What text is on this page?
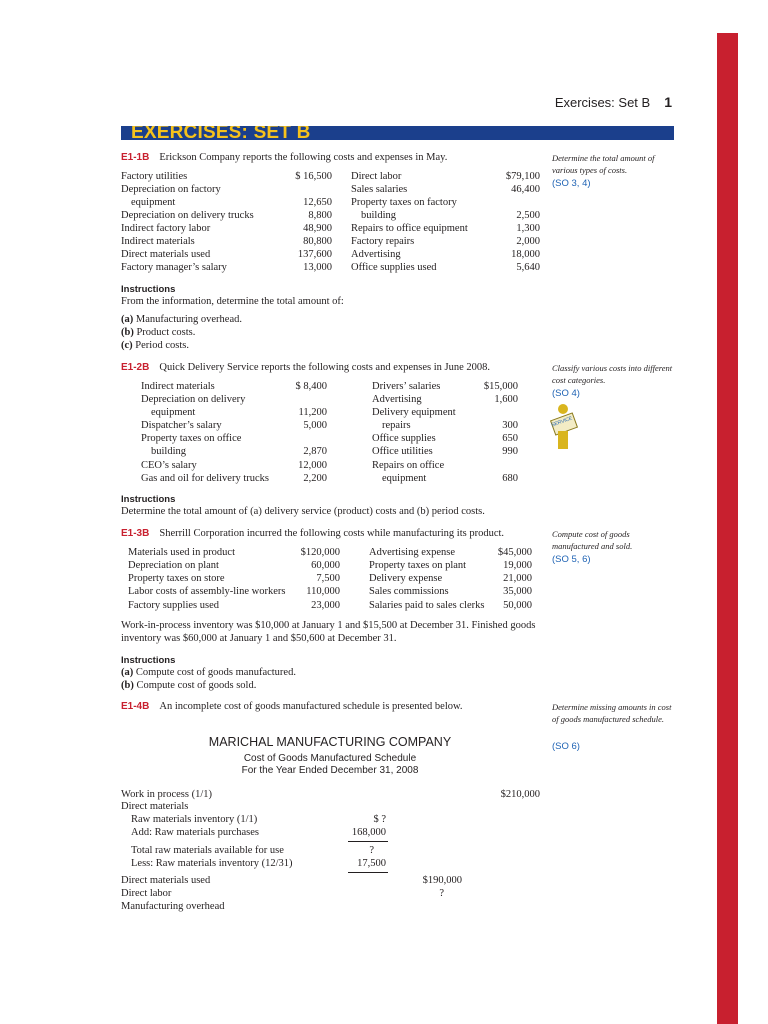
Exercises: Set B 1
EXERCISES: SET B
E1-1B Erickson Company reports the following costs and expenses in May.	Determine the total amount of various types of costs.
(SO 3, 4)
Factory utilities	$ 16,500
Depreciation on factory
equipment	12,650
Depreciation on delivery trucks	8,800
Indirect factory labor	48,900
Indirect materials	80,800
Direct materials used	137,600
Factory manager’s salary	13,000
Direct labor	$79,100
Sales salaries	46,400
Property taxes on factory
building	2,500
Repairs to office equipment	1,300
Factory repairs	2,000
Advertising	18,000
Office supplies used	5,640
Instructions
From the information, determine the total amount of:
(a) Manufacturing overhead.
(b) Product costs.
(c) Period costs.
E1-2B Quick Delivery Service reports the following costs and expenses in June 2008.	Classify various costs into different cost categories.
(SO 4)
SERVICE
Indirect materials	$ 8,400
Depreciation on delivery
equipment	11,200
Dispatcher’s salary	5,000
Property taxes on office
building	2,870
CEO’s salary	12,000
Gas and oil for delivery trucks	2,200
Drivers’ salaries	$15,000
Advertising	1,600
Delivery equipment
repairs	300
Office supplies	650
Office utilities	990
Repairs on office
equipment	680
Instructions
Determine the total amount of (a) delivery service (product) costs and (b) period costs.
E1-3B Sherrill Corporation incurred the following costs while manufacturing its product.	Compute cost of goods manufactured and sold.
(SO 5, 6)
Materials used in product	$120,000
Depreciation on plant	60,000
Property taxes on store	7,500
Labor costs of assembly-line workers	110,000
Factory supplies used	23,000
Advertising expense	$45,000
Property taxes on plant	19,000
Delivery expense	21,000
Sales commissions	35,000
Salaries paid to sales clerks	50,000
Work-in-process inventory was $10,000 at January 1 and $15,500 at December 31. Finished goods
inventory was $60,000 at January 1 and $50,600 at December 31.
Instructions
(a) Compute cost of goods manufactured.
(b) Compute cost of goods sold.
E1-4B An incomplete cost of goods manufactured schedule is presented below.	Determine missing amounts in cost of goods manufactured schedule.
(SO 6)
MARICHAL MANUFACTURING COMPANY
Cost of Goods Manufactured Schedule
For the Year Ended December 31, 2008
Work in process (1/1)	$210,000
Direct materials
Raw materials inventory (1/1)	$ ?
Add: Raw materials purchases	168,000
Total raw materials available for use	?
Less: Raw materials inventory (12/31)	17,500
Direct materials used	$190,000
Direct labor	?
Manufacturing overhead
